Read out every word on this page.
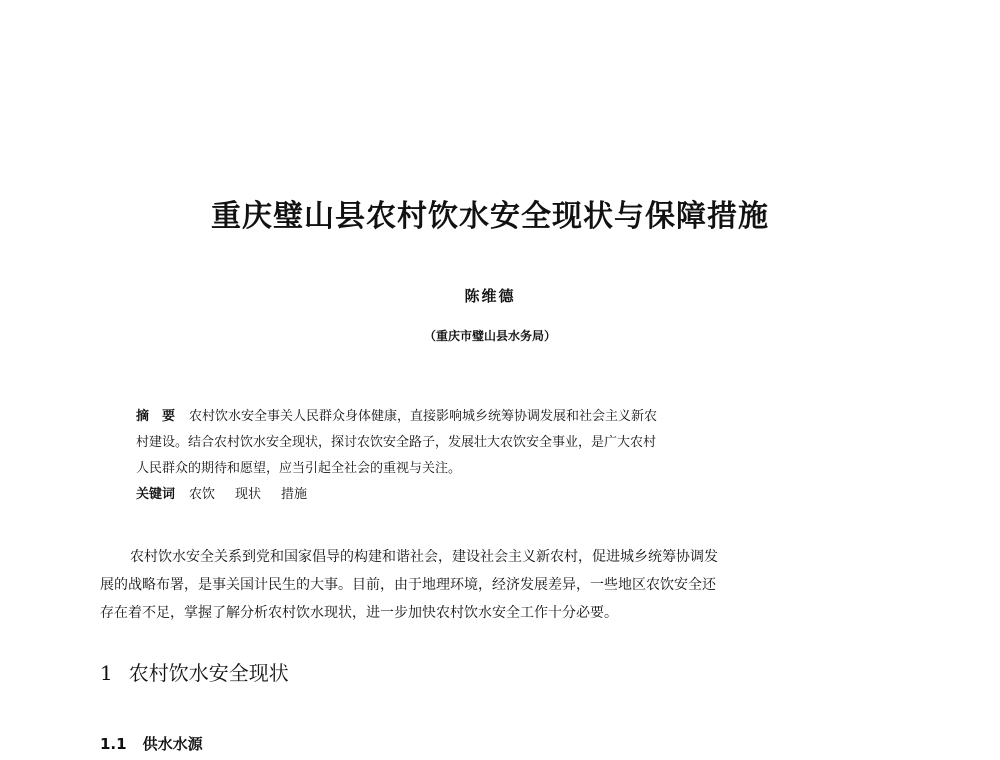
重庆璧山县农村饮水安全现状与保障措施
陈维德
（重庆市璧山县水务局）
摘　要 农村饮水安全事关人民群众身体健康，直接影响城乡统筹协调发展和社会主义新农
村建设。结合农村饮水安全现状，探讨农饮安全路子，发展壮大农饮安全事业，是广大农村
人民群众的期待和愿望，应当引起全社会的重视与关注。
关键词 农饮 现状 措施
农村饮水安全关系到党和国家倡导的构建和谐社会，建设社会主义新农村，促进城乡统筹协调发
展的战略布署，是事关国计民生的大事。目前，由于地理环境，经济发展差异，一些地区农饮安全还
存在着不足，掌握了解分析农村饮水现状，进一步加快农村饮水安全工作十分必要。
1 农村饮水安全现状
1.1 供水水源
